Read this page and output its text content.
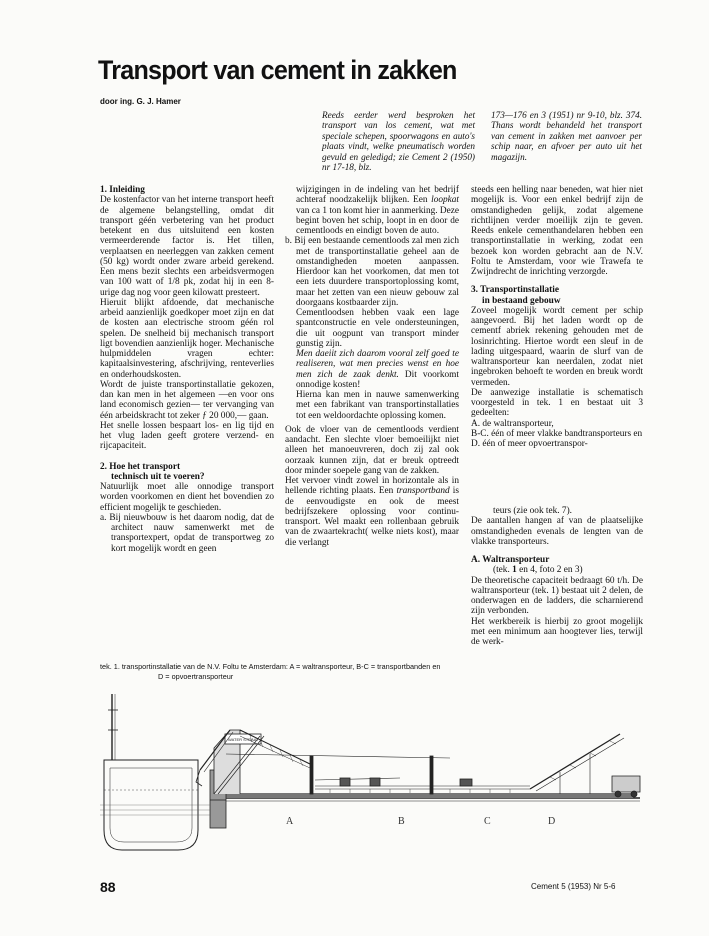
Transport van cement in zakken
door ing. G. J. Hamer

Reeds eerder werd besproken het transport van los cement, wat met speciale schepen, spoorwagons en auto's plaats vindt, welke pneumatisch worden gevuld en geledigd; zie Cement 2 (1950) nr 17-18, blz.

173—176 en 3 (1951) nr 9-10, blz. 374. Thans wordt behandeld het transport van cement in zakken met aanvoer per schip naar, en afvoer per auto uit het magazijn.

1. Inleiding

De kostenfactor van het interne transport heeft de algemene belangstelling, omdat dit transport géén verbetering van het product betekent en dus uitsluitend een kosten vermeerderende factor is. Het tillen, verplaatsen en neerleggen van zakken cement (50 kg) wordt onder zware arbeid gerekend. Een mens bezit slechts een arbeidsvermogen van 100 watt of 1/8 pk, zodat hij in een 8-urige dag nog voor geen kilowatt presteert.

Hieruit blijkt afdoende, dat mechanische arbeid aanzienlijk goedkoper moet zijn en dat de kosten aan electrische stroom géén rol spelen. De snelheid bij mechanisch transport ligt bovendien aanzienlijk hoger. Mechanische hulpmiddelen vragen echter: kapitaalsinvestering, afschrijving, renteverlies en onderhoudskosten.

Wordt de juiste transportinstallatie gekozen, dan kan men in het algemeen —en voor ons land economisch gezien— ter vervanging van één arbeidskracht tot zeker ƒ 20 000,— gaan.

Het snelle lossen bespaart los- en lig tijd en het vlug laden geeft grotere verzend- en rijcapaciteit.

2. Hoe het transport

technisch uit te voeren?

Natuurlijk moet alle onnodige transport worden voorkomen en dient het bovendien zo efficient mogelijk te geschieden.

a. Bij nieuwbouw is het daarom nodig, dat de architect nauw samenwerkt met de transportexpert, opdat de transportweg zo kort mogelijk wordt en geen

wijzigingen in de indeling van het bedrijf achteraf noodzakelijk blijken. Een loopkat van ca 1 ton komt hier in aanmerking. Deze begint boven het schip, loopt in en door de cementloods en eindigt boven de auto.

b. Bij een bestaande cementloods zal men zich met de transportinstallatie geheel aan de omstandigheden moeten aanpassen. Hierdoor kan het voorkomen, dat men tot een iets duurdere transportoplossing komt, maar het zetten van een nieuw gebouw zal doorgaans kostbaarder zijn.

Cementloodsen hebben vaak een lage spantconstructie en vele ondersteuningen, die uit oogpunt van transport minder gunstig zijn.

Men daeiit zich daarom vooral zelf goed te realiseren, wat men precies wenst en hoe men zich de zaak denkt. Dit voorkomt onnodige kosten!

Hierna kan men in nauwe samenwerking met een fabrikant van transportinstallaties tot een weldoordachte oplossing komen.

Ook de vloer van de cementloods verdient aandacht. Een slechte vloer bemoeilijkt niet alleen het manoeuvreren, doch zij zal ook oorzaak kunnen zijn, dat er breuk optreedt door minder soepele gang van de zakken.

Het vervoer vindt zowel in horizontale als in hellende richting plaats. Een transportband is de eenvoudigste en ook de meest bedrijfszekere oplossing voor continu-transport. Wel maakt een rollenbaan gebruik van de zwaartekracht( welke niets kost), maar die verlangt

steeds een helling naar beneden, wat hier niet mogelijk is. Voor een enkel bedrijf zijn de omstandigheden gelijk, zodat algemene richtlijnen verder moeilijk zijn te geven. Reeds enkele cementhandelaren hebben een transportinstallatie in werking, zodat een bezoek kon worden gebracht aan de N.V. Foltu te Amsterdam, voor wie Trawefa te Zwijndrecht de inrichting verzorgde.

3. Transportinstallatie

in bestaand gebouw

Zoveel mogelijk wordt cement per schip aangevoerd. Bij het laden wordt op de cementf abriek rekening gehouden met de losinrichting. Hiertoe wordt een sleuf in de lading uitgespaard, waarin de slurf van de waltransporteur kan neerdalen, zodat niet ingebroken behoeft te worden en breuk wordt vermeden.

De aanwezige installatie is schematisch voorgesteld in tek. 1 en bestaat uit 3 gedeelten:

A. de waltransporteur,

B-C. één of meer vlakke bandtransporteurs en

D. één of meer opvoertranspor-

teurs (zie ook tek. 7).

De aantallen hangen af van de plaatselijke omstandigheden evenals de lengten van de vlakke transporteurs.

A. Waltransporteur

(tek. 1 en 4, foto 2 en 3)

De theoretische capaciteit bedraagt 60 t/h. De waltransporteur (tek. 1) bestaat uit 2 delen, de onderwagen en de ladders, die scharnierend zijn verbonden.

Het werkbereik is hierbij zo groot mogelijk met een minimum aan hoogtever lies, terwijl de werk-

tek. 1. transportinstallatie van de N.V. Foltu te Amsterdam: A = waltransporteur, B-C = transportbanden en
D = opvoertransporteur
WATER STRAAT
A	B	C	D
88	Cement 5 (1953) Nr 5-6
